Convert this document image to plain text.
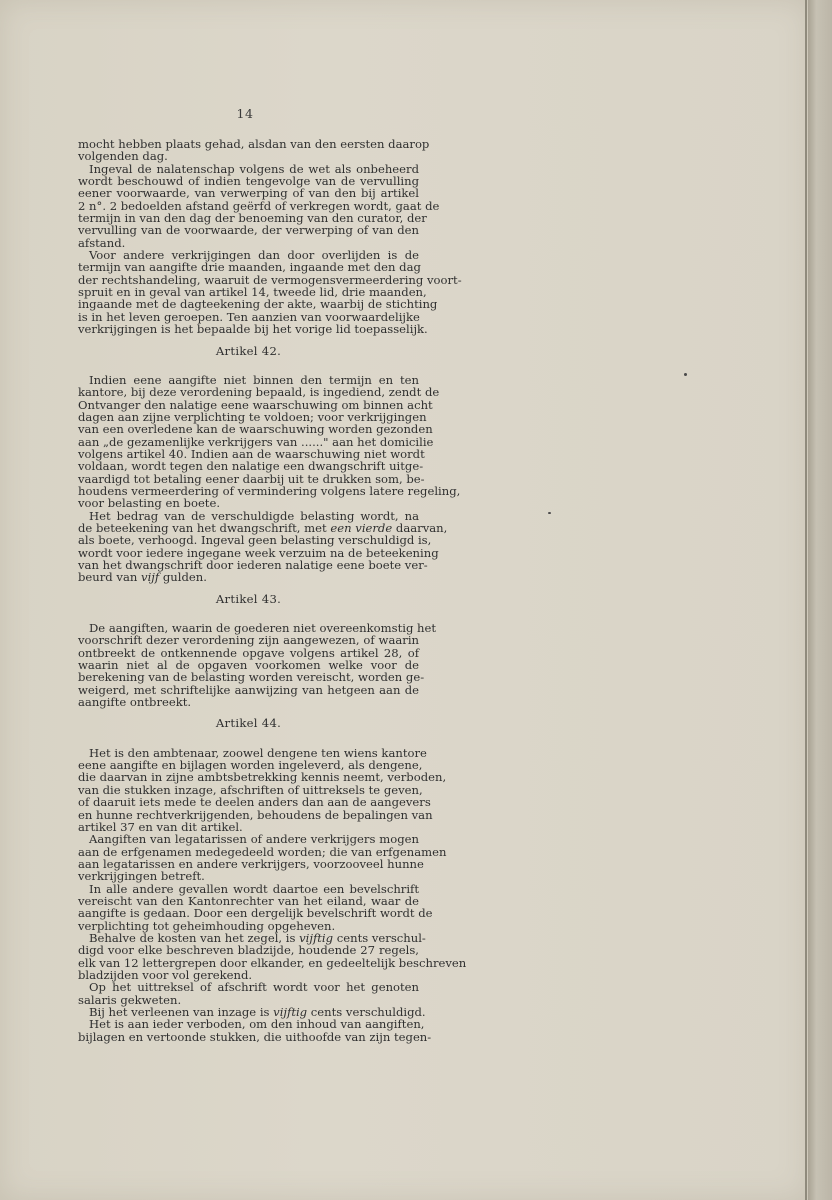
14
mocht hebben plaats gehad, alsdan van den eersten daarop
volgenden dag.
Ingeval de nalatenschap volgens de wet als onbeheerd
wordt beschouwd of indien tengevolge van de vervulling
eener voorwaarde, van verwerping of van den bij artikel
2 n°. 2 bedoelden afstand geërfd of verkregen wordt, gaat de
termijn in van den dag der benoeming van den curator, der
vervulling van de voorwaarde, der verwerping of van den
afstand.
Voor andere verkrijgingen dan door overlijden is de
termijn van aangifte drie maanden, ingaande met den dag
der rechtshandeling, waaruit de vermogensvermeerdering voort-
spruit en in geval van artikel 14, tweede lid, drie maanden,
ingaande met de dagteekening der akte, waarbij de stichting
is in het leven geroepen. Ten aanzien van voorwaardelijke
verkrijgingen is het bepaalde bij het vorige lid toepasselijk.
Artikel 42.
Indien eene aangifte niet binnen den termijn en ten
kantore, bij deze verordening bepaald, is ingediend, zendt de
Ontvanger den nalatige eene waarschuwing om binnen acht
dagen aan zijne verplichting te voldoen; voor verkrijgingen
van een overledene kan de waarschuwing worden gezonden
aan „de gezamenlijke verkrijgers van ......" aan het domicilie
volgens artikel 40. Indien aan de waarschuwing niet wordt
voldaan, wordt tegen den nalatige een dwangschrift uitge-
vaardigd tot betaling eener daarbij uit te drukken som, be-
houdens vermeerdering of vermindering volgens latere regeling,
voor belasting en boete.
Het bedrag van de verschuldigde belasting wordt, na
de beteekening van het dwangschrift, met een vierde daarvan,
als boete, verhoogd. Ingeval geen belasting verschuldigd is,
wordt voor iedere ingegane week verzuim na de beteekening
van het dwangschrift door iederen nalatige eene boete ver-
beurd van vijf gulden.
Artikel 43.
De aangiften, waarin de goederen niet overeenkomstig het
voorschrift dezer verordening zijn aangewezen, of waarin
ontbreekt de ontkennende opgave volgens artikel 28, of
waarin niet al de opgaven voorkomen welke voor de
berekening van de belasting worden vereischt, worden ge-
weigerd, met schriftelijke aanwijzing van hetgeen aan de
aangifte ontbreekt.
Artikel 44.
Het is den ambtenaar, zoowel dengene ten wiens kantore
eene aangifte en bijlagen worden ingeleverd, als dengene,
die daarvan in zijne ambtsbetrekking kennis neemt, verboden,
van die stukken inzage, afschriften of uittreksels te geven,
of daaruit iets mede te deelen anders dan aan de aangevers
en hunne rechtverkrijgenden, behoudens de bepalingen van
artikel 37 en van dit artikel.
Aangiften van legatarissen of andere verkrijgers mogen
aan de erfgenamen medegedeeld worden; die van erfgenamen
aan legatarissen en andere verkrijgers, voorzooveel hunne
verkrijgingen betreft.
In alle andere gevallen wordt daartoe een bevelschrift
vereischt van den Kantonrechter van het eiland, waar de
aangifte is gedaan. Door een dergelijk bevelschrift wordt de
verplichting tot geheimhouding opgeheven.
Behalve de kosten van het zegel, is vijftig cents verschul-
digd voor elke beschreven bladzijde, houdende 27 regels,
elk van 12 lettergrepen door elkander, en gedeeltelijk beschreven
bladzijden voor vol gerekend.
Op het uittreksel of afschrift wordt voor het genoten
salaris gekweten.
Bij het verleenen van inzage is vijftig cents verschuldigd.
Het is aan ieder verboden, om den inhoud van aangiften,
bijlagen en vertoonde stukken, die uithoofde van zijn tegen-
